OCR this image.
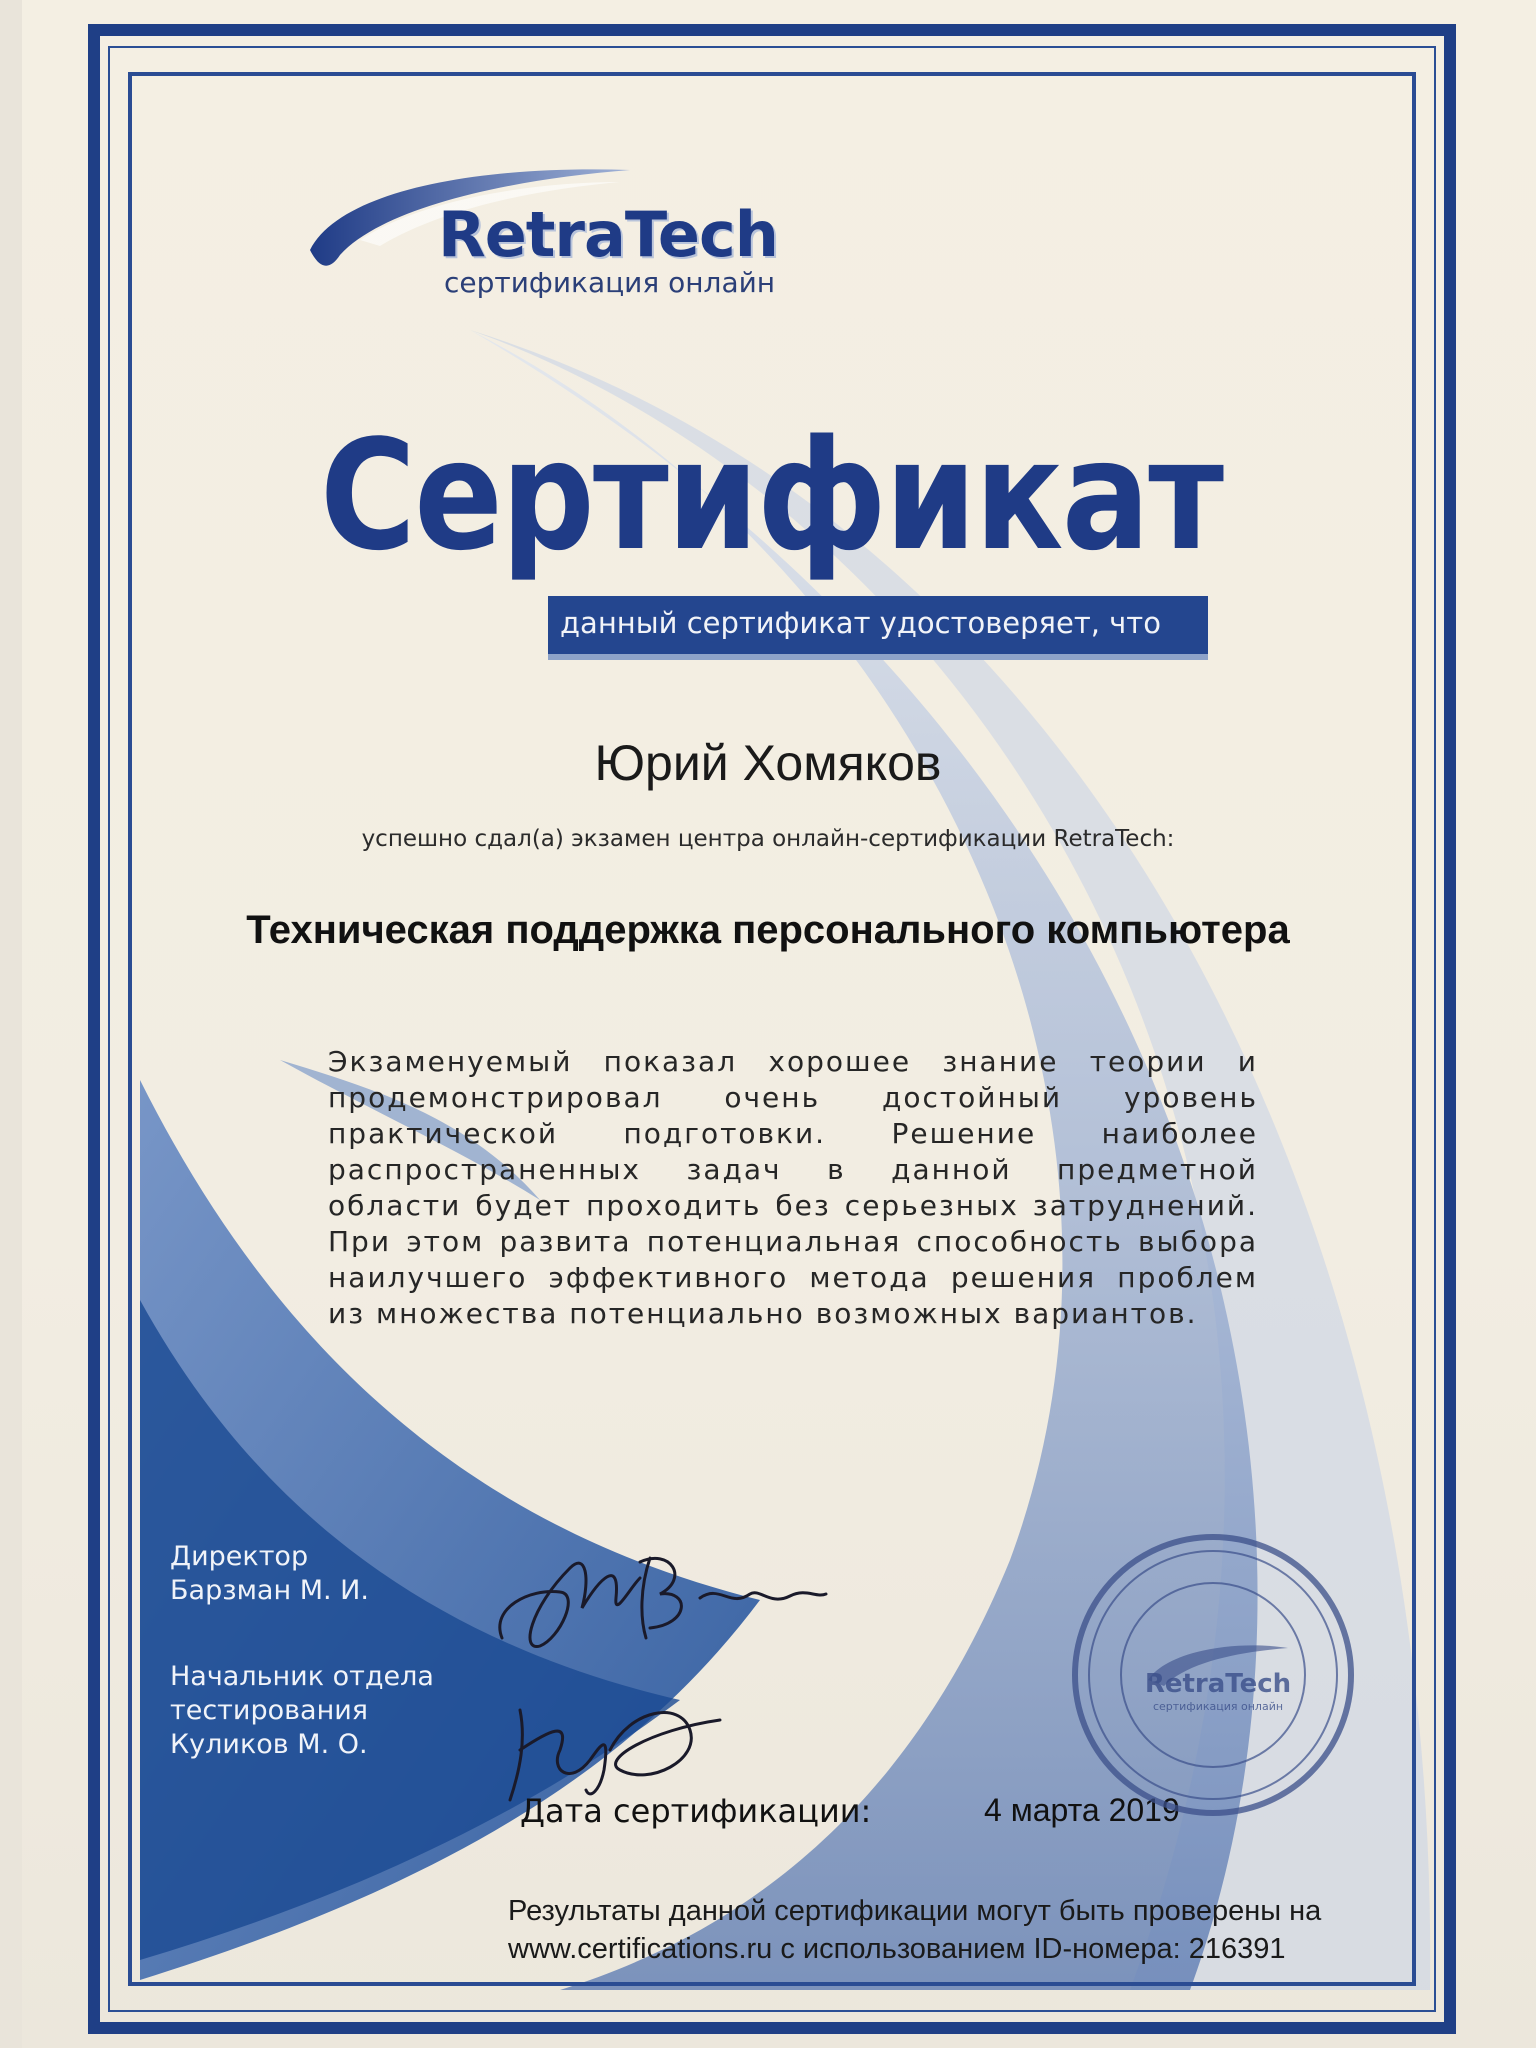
RetraTech
сертификация онлайн
Сертификат
данный сертификат удостоверяет, что
Юрий Хомяков
успешно сдал(а) экзамен центра онлайн-сертификации RetraTech:
Техническая поддержка персонального компьютера
Экзаменуемый показал хорошее знание теории и продемонстрировал очень достойный уровень практической подготовки. Решение наиболее распространенных задач в данной предметной области будет проходить без серьезных затруднений. При этом развита потенциальная способность выбора наилучшего эффективного метода решения проблем из множества потенциально возможных вариантов.
Директор
Барзман М. И.
Начальник отдела
тестирования
Куликов М. О.
Дата сертификации:	4 марта 2019
RetraTech
сертификация онлайн
Результаты данной сертификации могут быть проверены на
www.certifications.ru с использованием ID-номера: 216391
